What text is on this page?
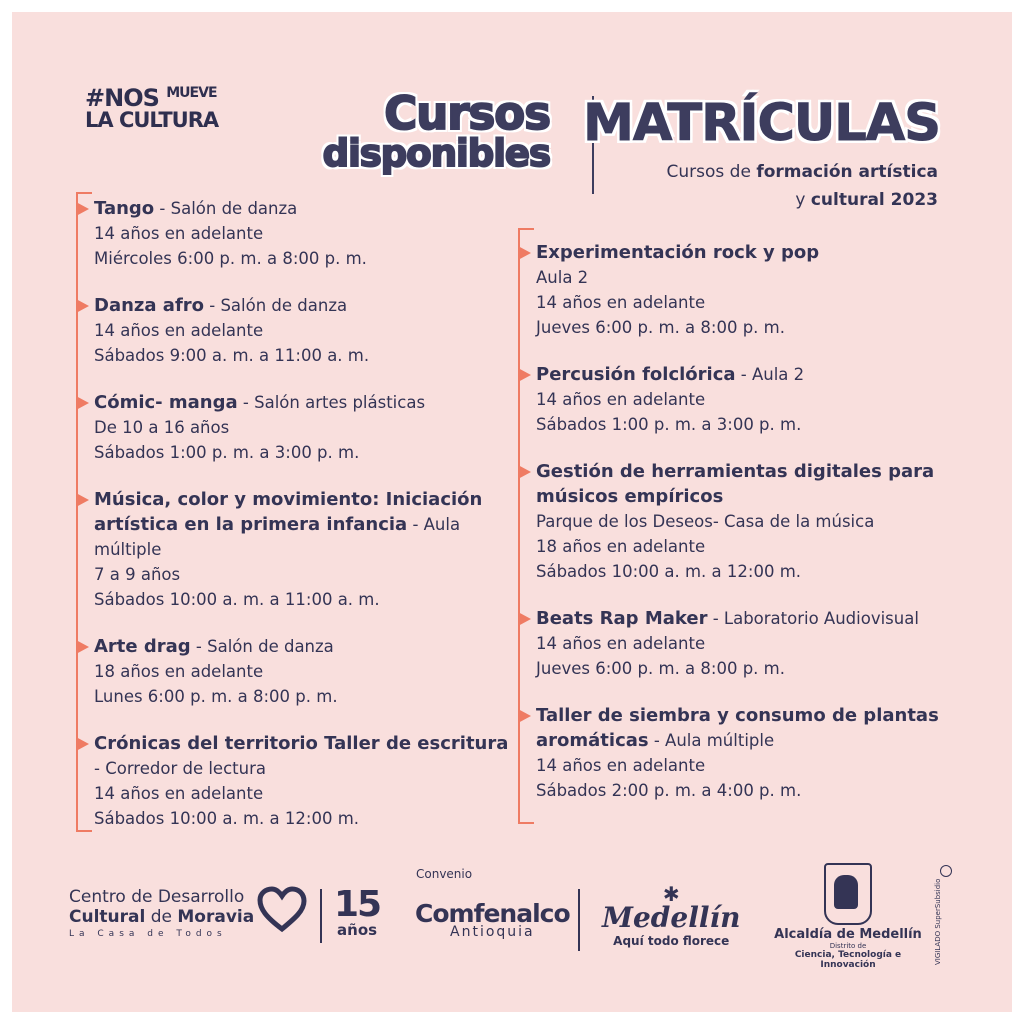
#NOS $^{MUEVE}$
LA CULTURA	Cursos
disponibles
MATRÍCULAS
Cursos de formación artística
y cultural 2023
Tango - Salón de danza
14 años en adelante
Miércoles 6:00 p. m. a 8:00 p. m.
Danza afro - Salón de danza
14 años en adelante
Sábados 9:00 a. m. a 11:00 a. m.
Cómic- manga - Salón artes plásticas
De 10 a 16 años
Sábados 1:00 p. m. a 3:00 p. m.
Música, color y movimiento: Iniciación artística en la primera infancia - Aula múltiple
7 a 9 años
Sábados 10:00 a. m. a 11:00 a. m.
Arte drag - Salón de danza
18 años en adelante
Lunes 6:00 p. m. a 8:00 p. m.
Crónicas del territorio Taller de escritura - Corredor de lectura
14 años en adelante
Sábados 10:00 a. m. a 12:00 m.
Experimentación rock y pop
Aula 2
14 años en adelante
Jueves 6:00 p. m. a 8:00 p. m.
Percusión folclórica - Aula 2
14 años en adelante
Sábados 1:00 p. m. a 3:00 p. m.
Gestión de herramientas digitales para músicos empíricos
Parque de los Deseos- Casa de la música
18 años en adelante
Sábados 10:00 a. m. a 12:00 m.
Beats Rap Maker - Laboratorio Audiovisual
14 años en adelante
Jueves 6:00 p. m. a 8:00 p. m.
Taller de siembra y consumo de plantas aromáticas - Aula múltiple
14 años en adelante
Sábados 2:00 p. m. a 4:00 p. m.
Centro de Desarrollo
Cultural de Moravia
La Casa de Todos
15
años
Convenio
Comfenalco
Antioquia
✱
Medellín
Aquí todo florece	Alcaldía de Medellín
Distrito de
Ciencia, Tecnología e Innovación	VIGILADO SuperSubsidio
